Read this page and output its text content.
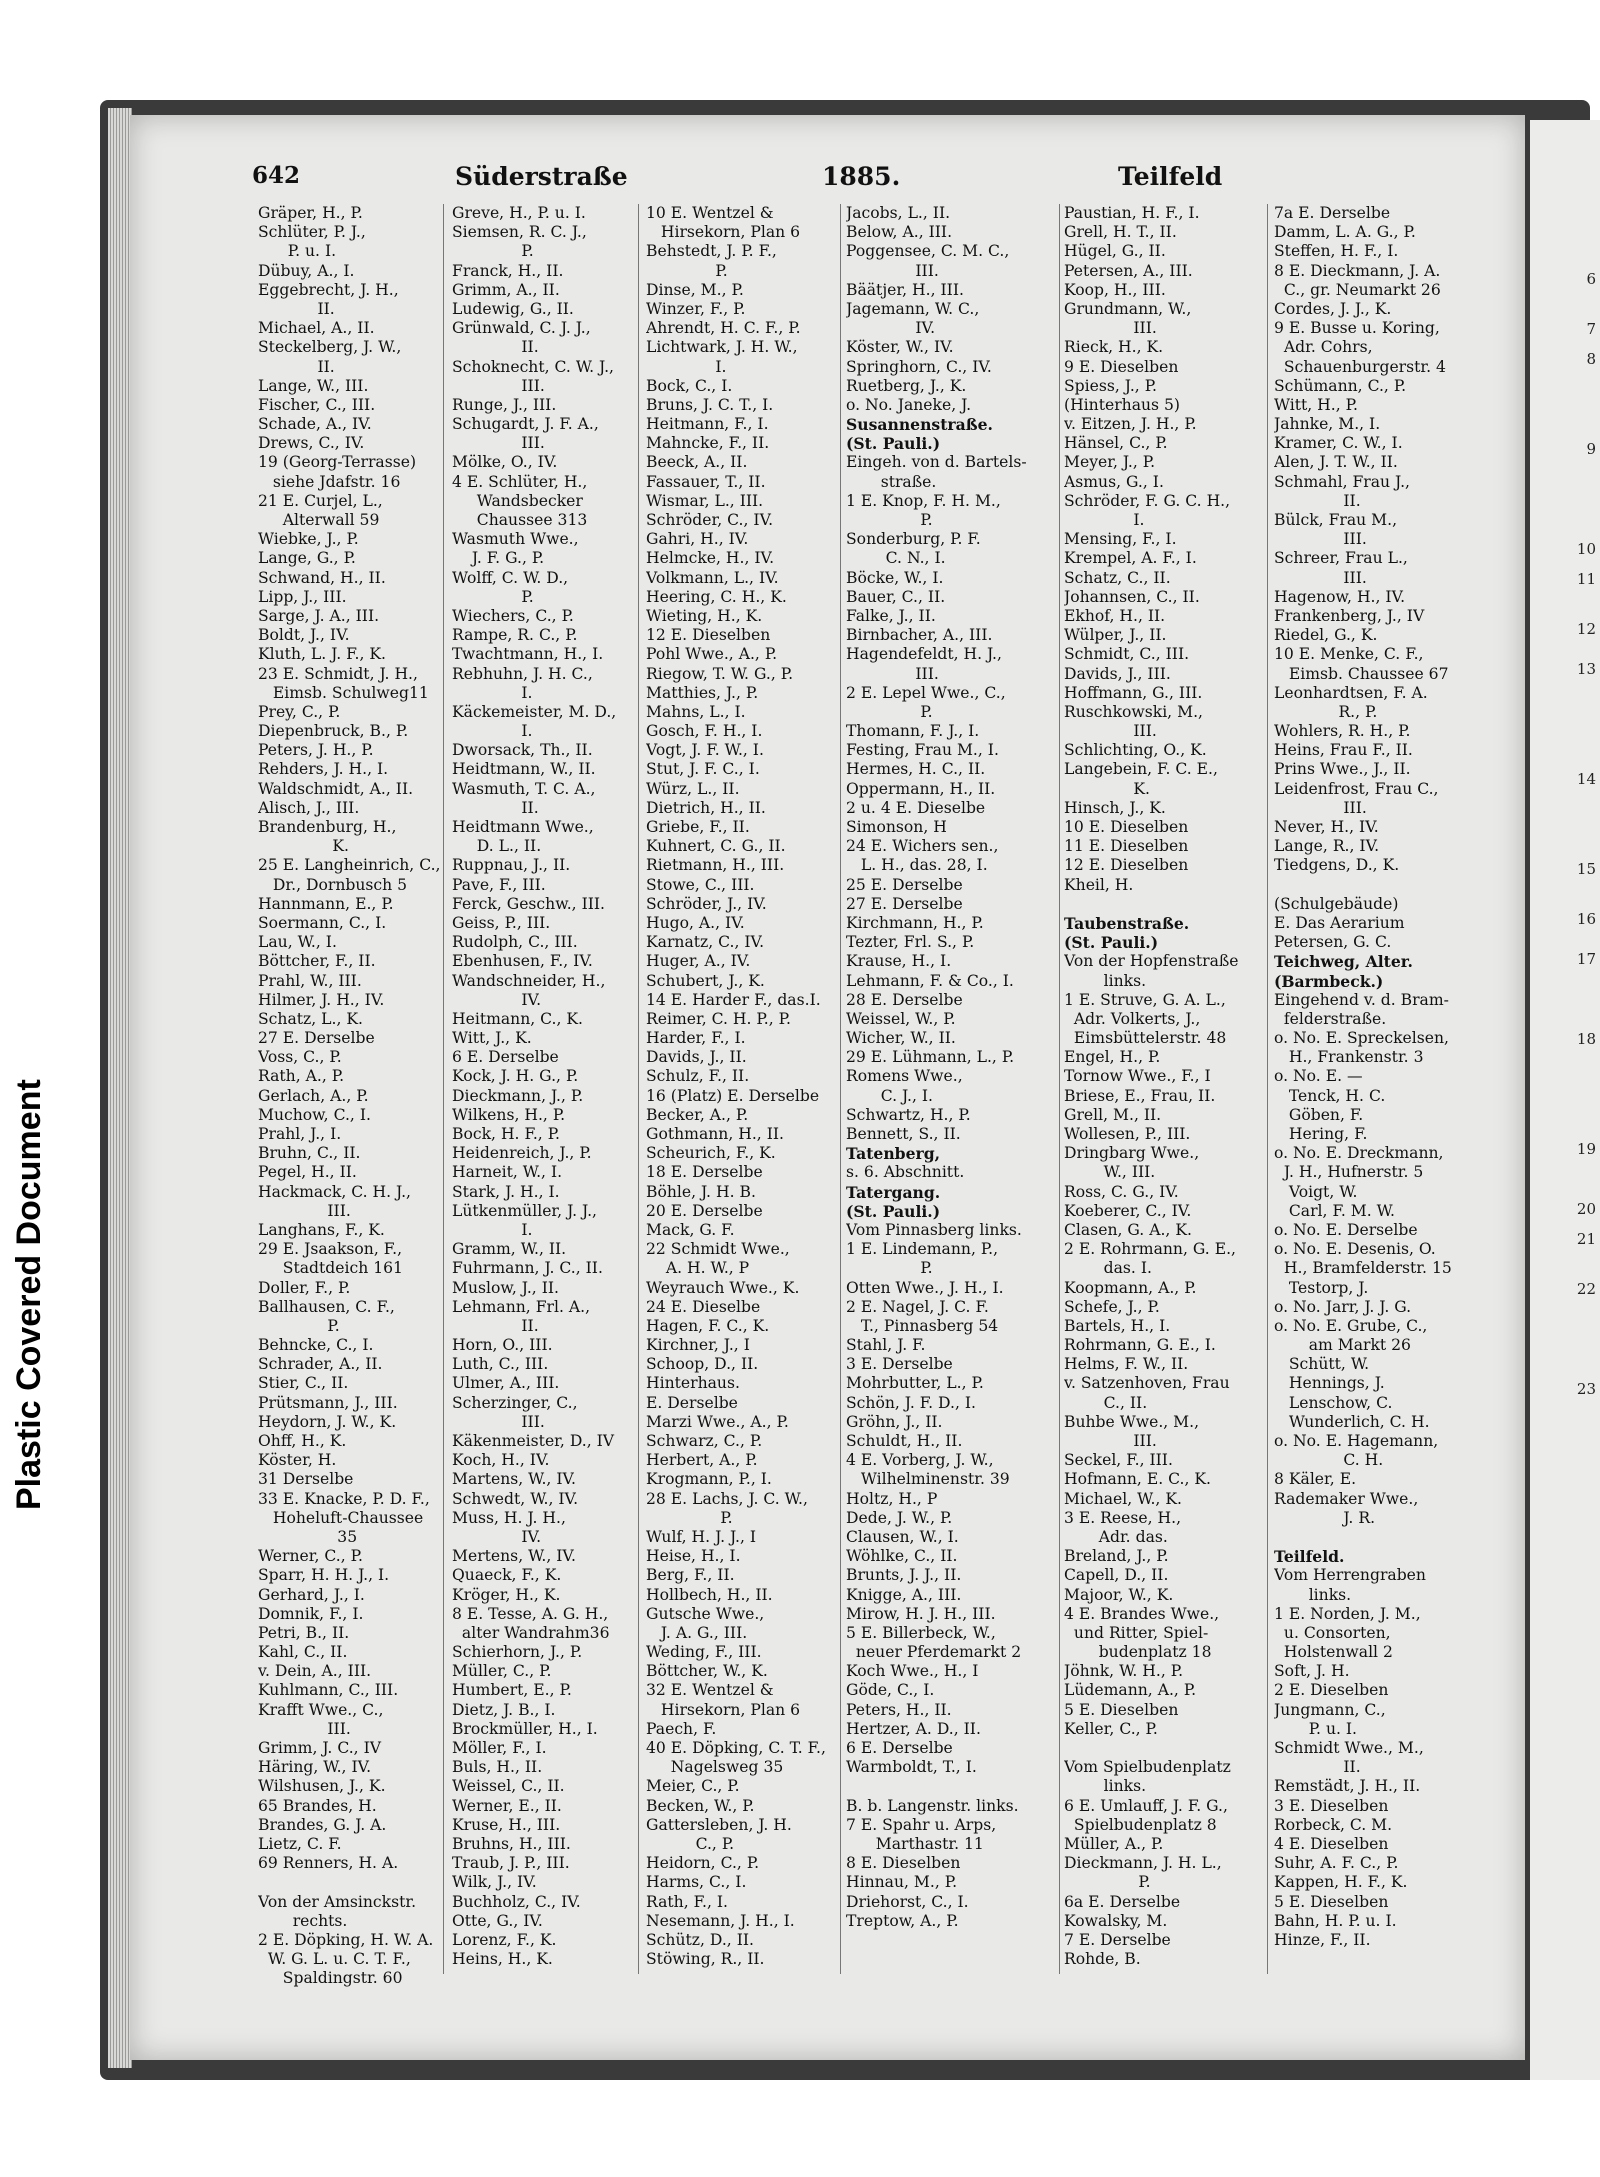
Plastic Covered Document
6
7
8
9
10
11
12
13
14
15
16
17
18
19
20
21
22
23
642	Süderstraße	1885.	Teilfeld
Gräper, H., P.
Schlüter, P. J.,
P. u. I.
Dübuy, A., I.
Eggebrecht, J. H.,
II.
Michael, A., II.
Steckelberg, J. W.,
II.
Lange, W., III.
Fischer, C., III.
Schade, A., IV.
Drews, C., IV.
19 (Georg-Terrasse)
siehe Jdafstr. 16
21 E. Curjel, L.,
Alterwall 59
Wiebke, J., P.
Lange, G., P.
Schwand, H., II.
Lipp, J., III.
Sarge, J. A., III.
Boldt, J., IV.
Kluth, L. J. F., K.
23 E. Schmidt, J. H.,
Eimsb. Schulweg11
Prey, C., P.
Diepenbruck, B., P.
Peters, J. H., P.
Rehders, J. H., I.
Waldschmidt, A., II.
Alisch, J., III.
Brandenburg, H.,
K.
25 E. Langheinrich, C.,
Dr., Dornbusch 5
Hannmann, E., P.
Soermann, C., I.
Lau, W., I.
Böttcher, F., II.
Prahl, W., III.
Hilmer, J. H., IV.
Schatz, L., K.
27 E. Derselbe
Voss, C., P.
Rath, A., P.
Gerlach, A., P.
Muchow, C., I.
Prahl, J., I.
Bruhn, C., II.
Pegel, H., II.
Hackmack, C. H. J.,
III.
Langhans, F., K.
29 E. Jsaakson, F.,
Stadtdeich 161
Doller, F., P.
Ballhausen, C. F.,
P.
Behncke, C., I.
Schrader, A., II.
Stier, C., II.
Prütsmann, J., III.
Heydorn, J. W., K.
Ohff, H., K.
Köster, H.
31 Derselbe
33 E. Knacke, P. D. F.,
Hoheluft-Chaussee
35
Werner, C., P.
Sparr, H. H. J., I.
Gerhard, J., I.
Domnik, F., I.
Petri, B., II.
Kahl, C., II.
v. Dein, A., III.
Kuhlmann, C., III.
Krafft Wwe., C.,
III.
Grimm, J. C., IV
Häring, W., IV.
Wilshusen, J., K.
65 Brandes, H.
Brandes, G. J. A.
Lietz, C. F.
69 Renners, H. A.
Von der Amsinckstr.
rechts.
2 E. Döpking, H. W. A.
W. G. L. u. C. T. F.,
Spaldingstr. 60
Greve, H., P. u. I.
Siemsen, R. C. J.,
P.
Franck, H., II.
Grimm, A., II.
Ludewig, G., II.
Grünwald, C. J. J.,
II.
Schoknecht, C. W. J.,
III.
Runge, J., III.
Schugardt, J. F. A.,
III.
Mölke, O., IV.
4 E. Schlüter, H.,
Wandsbecker
Chaussee 313
Wasmuth Wwe.,
J. F. G., P.
Wolff, C. W. D.,
P.
Wiechers, C., P.
Rampe, R. C., P.
Twachtmann, H., I.
Rebhuhn, J. H. C.,
I.
Käckemeister, M. D.,
I.
Dworsack, Th., II.
Heidtmann, W., II.
Wasmuth, T. C. A.,
II.
Heidtmann Wwe.,
D. L., II.
Ruppnau, J., II.
Pave, F., III.
Ferck, Geschw., III.
Geiss, P., III.
Rudolph, C., III.
Ebenhusen, F., IV.
Wandschneider, H.,
IV.
Heitmann, C., K.
Witt, J., K.
6 E. Derselbe
Kock, J. H. G., P.
Dieckmann, J., P.
Wilkens, H., P.
Bock, H. F., P.
Heidenreich, J., P.
Harneit, W., I.
Stark, J. H., I.
Lütkenmüller, J. J.,
I.
Gramm, W., II.
Fuhrmann, J. C., II.
Muslow, J., II.
Lehmann, Frl. A.,
II.
Horn, O., III.
Luth, C., III.
Ulmer, A., III.
Scherzinger, C.,
III.
Käkenmeister, D., IV
Koch, H., IV.
Martens, W., IV.
Schwedt, W., IV.
Muss, H. J. H.,
IV.
Mertens, W., IV.
Quaeck, F., K.
Kröger, H., K.
8 E. Tesse, A. G. H.,
alter Wandrahm36
Schierhorn, J., P.
Müller, C., P.
Humbert, E., P.
Dietz, J. B., I.
Brockmüller, H., I.
Möller, F., I.
Buls, H., II.
Weissel, C., II.
Werner, E., II.
Kruse, H., III.
Bruhns, H., III.
Traub, J. P., III.
Wilk, J., IV.
Buchholz, C., IV.
Otte, G., IV.
Lorenz, F., K.
Heins, H., K.
10 E. Wentzel &
Hirsekorn, Plan 6
Behstedt, J. P. F.,
P.
Dinse, M., P.
Winzer, F., P.
Ahrendt, H. C. F., P.
Lichtwark, J. H. W.,
I.
Bock, C., I.
Bruns, J. C. T., I.
Heitmann, F., I.
Mahncke, F., II.
Beeck, A., II.
Fassauer, T., II.
Wismar, L., III.
Schröder, C., IV.
Gahri, H., IV.
Helmcke, H., IV.
Volkmann, L., IV.
Heering, C. H., K.
Wieting, H., K.
12 E. Dieselben
Pohl Wwe., A., P.
Riegow, T. W. G., P.
Matthies, J., P.
Mahns, L., I.
Gosch, F. H., I.
Vogt, J. F. W., I.
Stut, J. F. C., I.
Würz, L., II.
Dietrich, H., II.
Griebe, F., II.
Kuhnert, C. G., II.
Rietmann, H., III.
Stowe, C., III.
Schröder, J., IV.
Hugo, A., IV.
Karnatz, C., IV.
Huger, A., IV.
Schubert, J., K.
14 E. Harder F., das.I.
Reimer, C. H. P., P.
Harder, F., I.
Davids, J., II.
Schulz, F., II.
16 (Platz) E. Derselbe
Becker, A., P.
Gothmann, H., II.
Scheurich, F., K.
18 E. Derselbe
Böhle, J. H. B.
20 E. Derselbe
Mack, G. F.
22 Schmidt Wwe.,
A. H. W., P
Weyrauch Wwe., K.
24 E. Dieselbe
Hagen, F. C., K.
Kirchner, J., I
Schoop, D., II.
Hinterhaus.
E. Derselbe
Marzi Wwe., A., P.
Schwarz, C., P.
Herbert, A., P.
Krogmann, P., I.
28 E. Lachs, J. C. W.,
P.
Wulf, H. J. J., I
Heise, H., I.
Berg, F., II.
Hollbech, H., II.
Gutsche Wwe.,
J. A. G., III.
Weding, F., III.
Böttcher, W., K.
32 E. Wentzel &
Hirsekorn, Plan 6
Paech, F.
40 E. Döpking, C. T. F.,
Nagelsweg 35
Meier, C., P.
Becken, W., P.
Gattersleben, J. H.
C., P.
Heidorn, C., P.
Harms, C., I.
Rath, F., I.
Nesemann, J. H., I.
Schütz, D., II.
Stöwing, R., II.
Jacobs, L., II.
Below, A., III.
Poggensee, C. M. C.,
III.
Bäätjer, H., III.
Jagemann, W. C.,
IV.
Köster, W., IV.
Springhorn, C., IV.
Ruetberg, J., K.
o. No. Janeke, J.
Susannenstraße.
(St. Pauli.)
Eingeh. von d. Bartels-
straße.
1 E. Knop, F. H. M.,
P.
Sonderburg, P. F.
C. N., I.
Böcke, W., I.
Bauer, C., II.
Falke, J., II.
Birnbacher, A., III.
Hagendefeldt, H. J.,
III.
2 E. Lepel Wwe., C.,
P.
Thomann, F. J., I.
Festing, Frau M., I.
Hermes, H. C., II.
Oppermann, H., II.
2 u. 4 E. Dieselbe
Simonson, H
24 E. Wichers sen.,
L. H., das. 28, I.
25 E. Derselbe
27 E. Derselbe
Kirchmann, H., P.
Tezter, Frl. S., P.
Krause, H., I.
Lehmann, F. & Co., I.
28 E. Derselbe
Weissel, W., P.
Wicher, W., II.
29 E. Lühmann, L., P.
Romens Wwe.,
C. J., I.
Schwartz, H., P.
Bennett, S., II.
Tatenberg,
s. 6. Abschnitt.
Tatergang.
(St. Pauli.)
Vom Pinnasberg links.
1 E. Lindemann, P.,
P.
Otten Wwe., J. H., I.
2 E. Nagel, J. C. F.
T., Pinnasberg 54
Stahl, J. F.
3 E. Derselbe
Mohrbutter, L., P.
Schön, J. F. D., I.
Gröhn, J., II.
Schuldt, H., II.
4 E. Vorberg, J. W.,
Wilhelminenstr. 39
Holtz, H., P
Dede, J. W., P.
Clausen, W., I.
Wöhlke, C., II.
Brunts, J. J., II.
Knigge, A., III.
Mirow, H. J. H., III.
5 E. Billerbeck, W.,
neuer Pferdemarkt 2
Koch Wwe., H., I
Göde, C., I.
Peters, H., II.
Hertzer, A. D., II.
6 E. Derselbe
Warmboldt, T., I.
B. b. Langenstr. links.
7 E. Spahr u. Arps,
Marthastr. 11
8 E. Dieselben
Hinnau, M., P.
Driehorst, C., I.
Treptow, A., P.
Paustian, H. F., I.
Grell, H. T., II.
Hügel, G., II.
Petersen, A., III.
Koop, H., III.
Grundmann, W.,
III.
Rieck, H., K.
9 E. Dieselben
Spiess, J., P.
(Hinterhaus 5)
v. Eitzen, J. H., P.
Hänsel, C., P.
Meyer, J., P.
Asmus, G., I.
Schröder, F. G. C. H.,
I.
Mensing, F., I.
Krempel, A. F., I.
Schatz, C., II.
Johannsen, C., II.
Ekhof, H., II.
Wülper, J., II.
Schmidt, C., III.
Davids, J., III.
Hoffmann, G., III.
Ruschkowski, M.,
III.
Schlichting, O., K.
Langebein, F. C. E.,
K.
Hinsch, J., K.
10 E. Dieselben
11 E. Dieselben
12 E. Dieselben
Kheil, H.
Taubenstraße.
(St. Pauli.)
Von der Hopfenstraße
links.
1 E. Struve, G. A. L.,
Adr. Volkerts, J.,
Eimsbüttelerstr. 48
Engel, H., P.
Tornow Wwe., F., I
Briese, E., Frau, II.
Grell, M., II.
Wollesen, P., III.
Dringbarg Wwe.,
W., III.
Ross, C. G., IV.
Koeberer, C., IV.
Clasen, G. A., K.
2 E. Rohrmann, G. E.,
das. I.
Koopmann, A., P.
Schefe, J., P.
Bartels, H., I.
Rohrmann, G. E., I.
Helms, F. W., II.
v. Satzenhoven, Frau
C., II.
Buhbe Wwe., M.,
III.
Seckel, F., III.
Hofmann, E. C., K.
Michael, W., K.
3 E. Reese, H.,
Adr. das.
Breland, J., P.
Capell, D., II.
Majoor, W., K.
4 E. Brandes Wwe.,
und Ritter, Spiel-
budenplatz 18
Jöhnk, W. H., P.
Lüdemann, A., P.
5 E. Dieselben
Keller, C., P.
Vom Spielbudenplatz
links.
6 E. Umlauff, J. F. G.,
Spielbudenplatz 8
Müller, A., P.
Dieckmann, J. H. L.,
P.
6a E. Derselbe
Kowalsky, M.
7 E. Derselbe
Rohde, B.
7a E. Derselbe
Damm, L. A. G., P.
Steffen, H. F., I.
8 E. Dieckmann, J. A.
C., gr. Neumarkt 26
Cordes, J. J., K.
9 E. Busse u. Koring,
Adr. Cohrs,
Schauenburgerstr. 4
Schümann, C., P.
Witt, H., P.
Jahnke, M., I.
Kramer, C. W., I.
Alen, J. T. W., II.
Schmahl, Frau J.,
II.
Bülck, Frau M.,
III.
Schreer, Frau L.,
III.
Hagenow, H., IV.
Frankenberg, J., IV
Riedel, G., K.
10 E. Menke, C. F.,
Eimsb. Chaussee 67
Leonhardtsen, F. A.
R., P.
Wohlers, R. H., P.
Heins, Frau F., II.
Prins Wwe., J., II.
Leidenfrost, Frau C.,
III.
Never, H., IV.
Lange, R., IV.
Tiedgens, D., K.
(Schulgebäude)
E. Das Aerarium
Petersen, G. C.
Teichweg, Alter.
(Barmbeck.)
Eingehend v. d. Bram-
felderstraße.
o. No. E. Spreckelsen,
H., Frankenstr. 3
o. No. E. —
Tenck, H. C.
Göben, F.
Hering, F.
o. No. E. Dreckmann,
J. H., Hufnerstr. 5
Voigt, W.
Carl, F. M. W.
o. No. E. Derselbe
o. No. E. Desenis, O.
H., Bramfelderstr. 15
Testorp, J.
o. No. Jarr, J. J. G.
o. No. E. Grube, C.,
am Markt 26
Schütt, W.
Hennings, J.
Lenschow, C.
Wunderlich, C. H.
o. No. E. Hagemann,
C. H.
8 Käler, E.
Rademaker Wwe.,
J. R.
Teilfeld.
Vom Herrengraben
links.
1 E. Norden, J. M.,
u. Consorten,
Holstenwall 2
Soft, J. H.
2 E. Dieselben
Jungmann, C.,
P. u. I.
Schmidt Wwe., M.,
II.
Remstädt, J. H., II.
3 E. Dieselben
Rorbeck, C. M.
4 E. Dieselben
Suhr, A. F. C., P.
Kappen, H. F., K.
5 E. Dieselben
Bahn, H. P. u. I.
Hinze, F., II.
